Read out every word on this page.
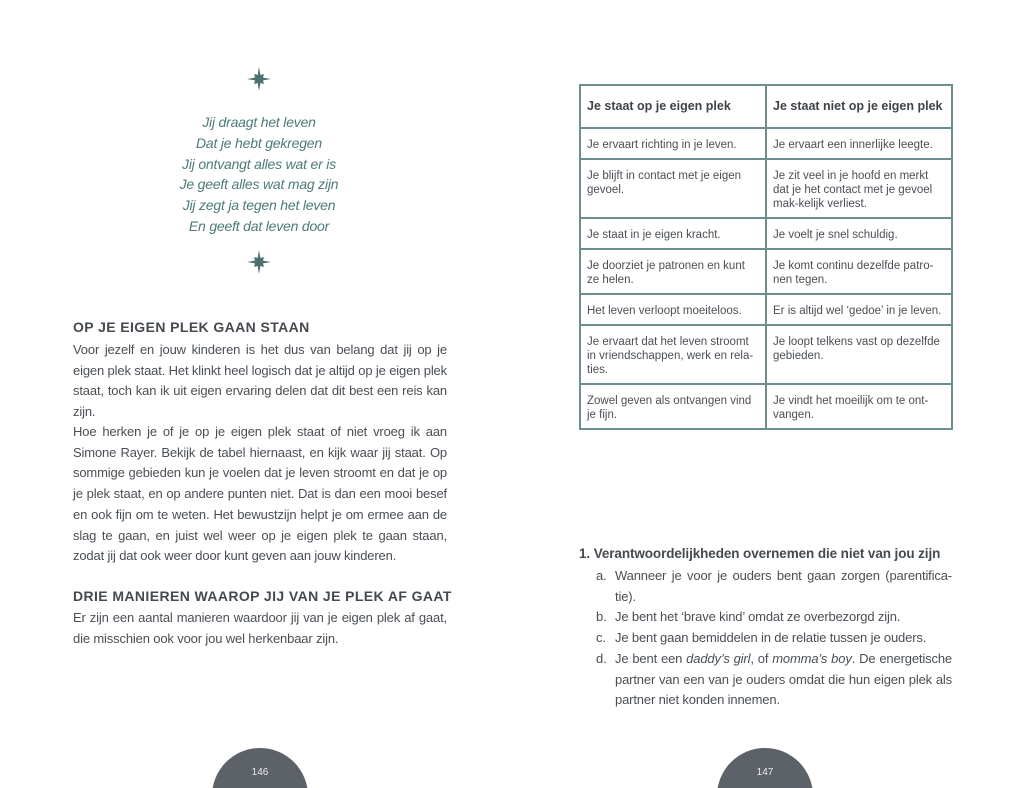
Jij draagt het leven
Dat je hebt gekregen
Jij ontvangt alles wat er is
Je geeft alles wat mag zijn
Jij zegt ja tegen het leven
En geeft dat leven door
OP JE EIGEN PLEK GAAN STAAN
Voor jezelf en jouw kinderen is het dus van belang dat jij op je eigen plek staat. Het klinkt heel logisch dat je altijd op je eigen plek staat, toch kan ik uit eigen ervaring delen dat dit best een reis kan zijn.
Hoe herken je of je op je eigen plek staat of niet vroeg ik aan Simone Rayer. Bekijk de tabel hiernaast, en kijk waar jij staat. Op sommige gebieden kun je voelen dat je leven stroomt en dat je op je plek staat, en op andere punten niet. Dat is dan een mooi besef en ook fijn om te weten. Het bewustzijn helpt je om ermee aan de slag te gaan, en juist wel weer op je eigen plek te gaan staan, zodat jij dat ook weer door kunt geven aan jouw kinderen.
DRIE MANIEREN WAAROP JIJ VAN JE PLEK AF GAAT
Er zijn een aantal manieren waardoor jij van je eigen plek af gaat, die misschien ook voor jou wel herkenbaar zijn.
146
Je staat op je eigen plek	Je staat niet op je eigen plek
Je ervaart richting in je leven.	Je ervaart een innerlijke leegte.
Je blijft in contact met je eigen gevoel.	Je zit veel in je hoofd en merkt dat je het contact met je gevoel mak-kelijk verliest.
Je staat in je eigen kracht.	Je voelt je snel schuldig.
Je doorziet je patronen en kunt ze helen.	Je komt continu dezelfde patro-nen tegen.
Het leven verloopt moeiteloos.	Er is altijd wel ‘gedoe’ in je leven.
Je ervaart dat het leven stroomt in vriendschappen, werk en rela-ties.	Je loopt telkens vast op dezelfde gebieden.
Zowel geven als ontvangen vind je fijn.	Je vindt het moeilijk om te ont-vangen.
1. Verantwoordelijkheden overnemen die niet van jou zijn
a. Wanneer je voor je ouders bent gaan zorgen (parentifica-tie).
b. Je bent het ‘brave kind’ omdat ze overbezorgd zijn.
c. Je bent gaan bemiddelen in de relatie tussen je ouders.
d. Je bent een daddy’s girl, of momma’s boy. De energetische partner van een van je ouders omdat die hun eigen plek als partner niet konden innemen.
147
